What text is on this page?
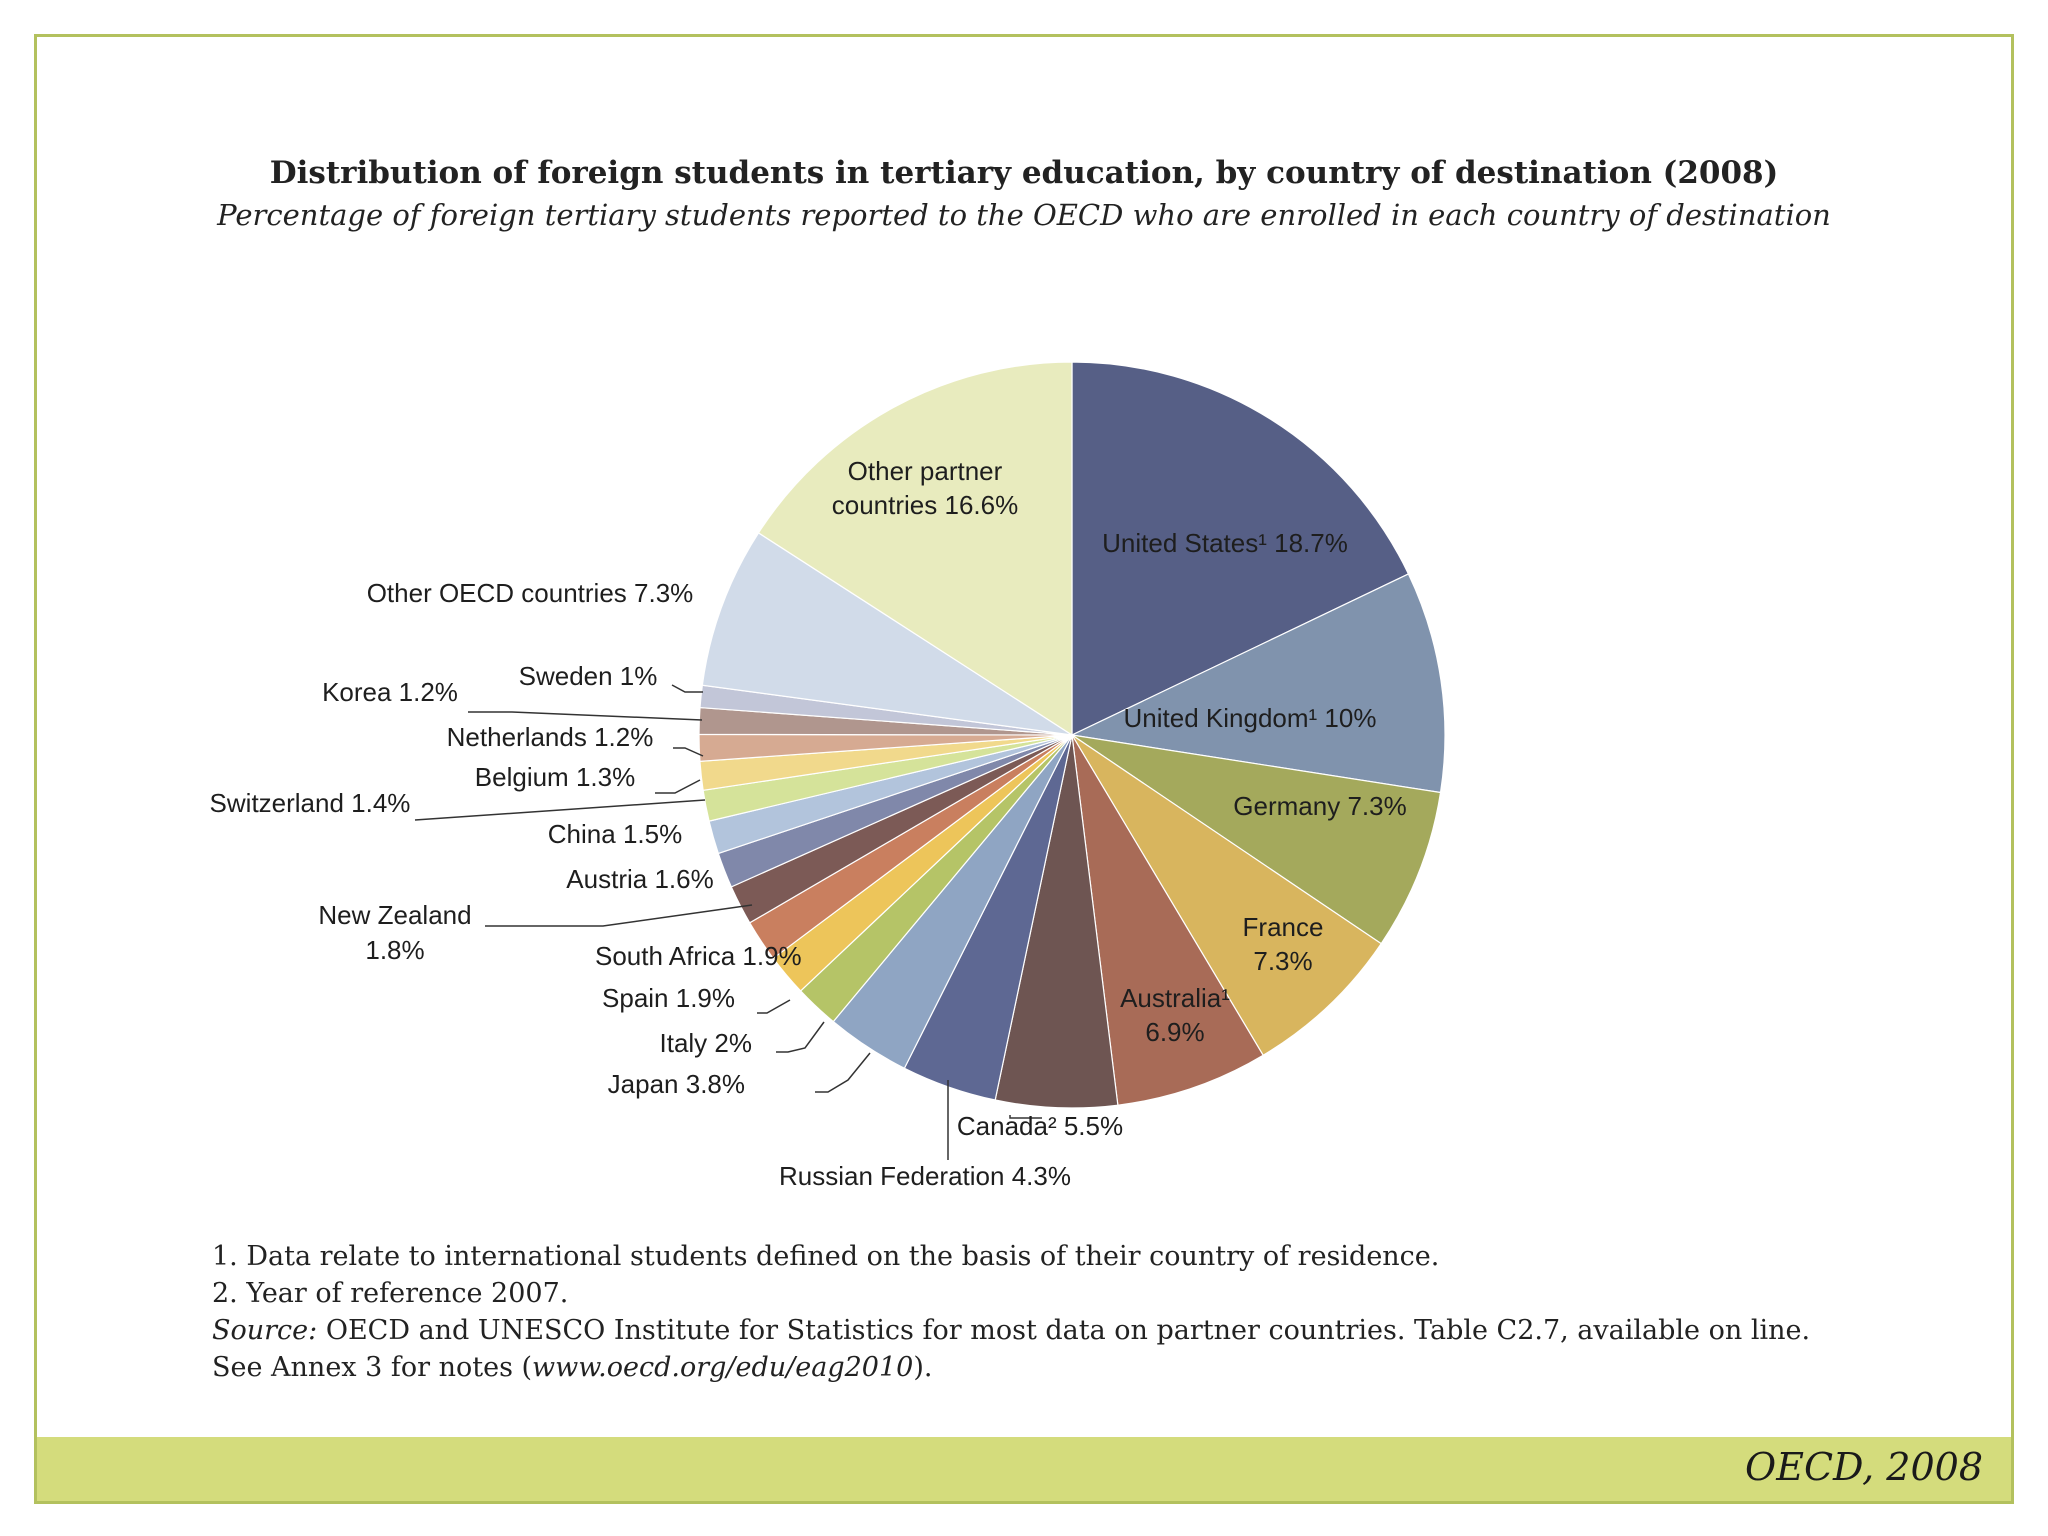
Distribution of foreign students in tertiary education, by country of destination (2008)
Percentage of foreign tertiary students reported to the OECD who are enrolled in each country of destination
United States¹ 18.7%
United Kingdom¹ 10%
Germany 7.3%
France
7.3%
Australia¹
6.9%
Canada² 5.5%
Russian Federation 4.3%
Japan 3.8%
Italy 2%
Spain 1.9%
South Africa 1.9%
New Zealand
1.8%
Austria 1.6%
China 1.5%
Switzerland 1.4%
Belgium 1.3%
Netherlands 1.2%
Korea 1.2%
Sweden 1%
Other OECD countries 7.3%
Other partner
countries 16.6%
1. Data relate to international students defined on the basis of their country of residence.
2. Year of reference 2007.
Source: OECD and UNESCO Institute for Statistics for most data on partner countries. Table C2.7, available on line.
See Annex 3 for notes (www.oecd.org/edu/eag2010).
OECD, 2008
